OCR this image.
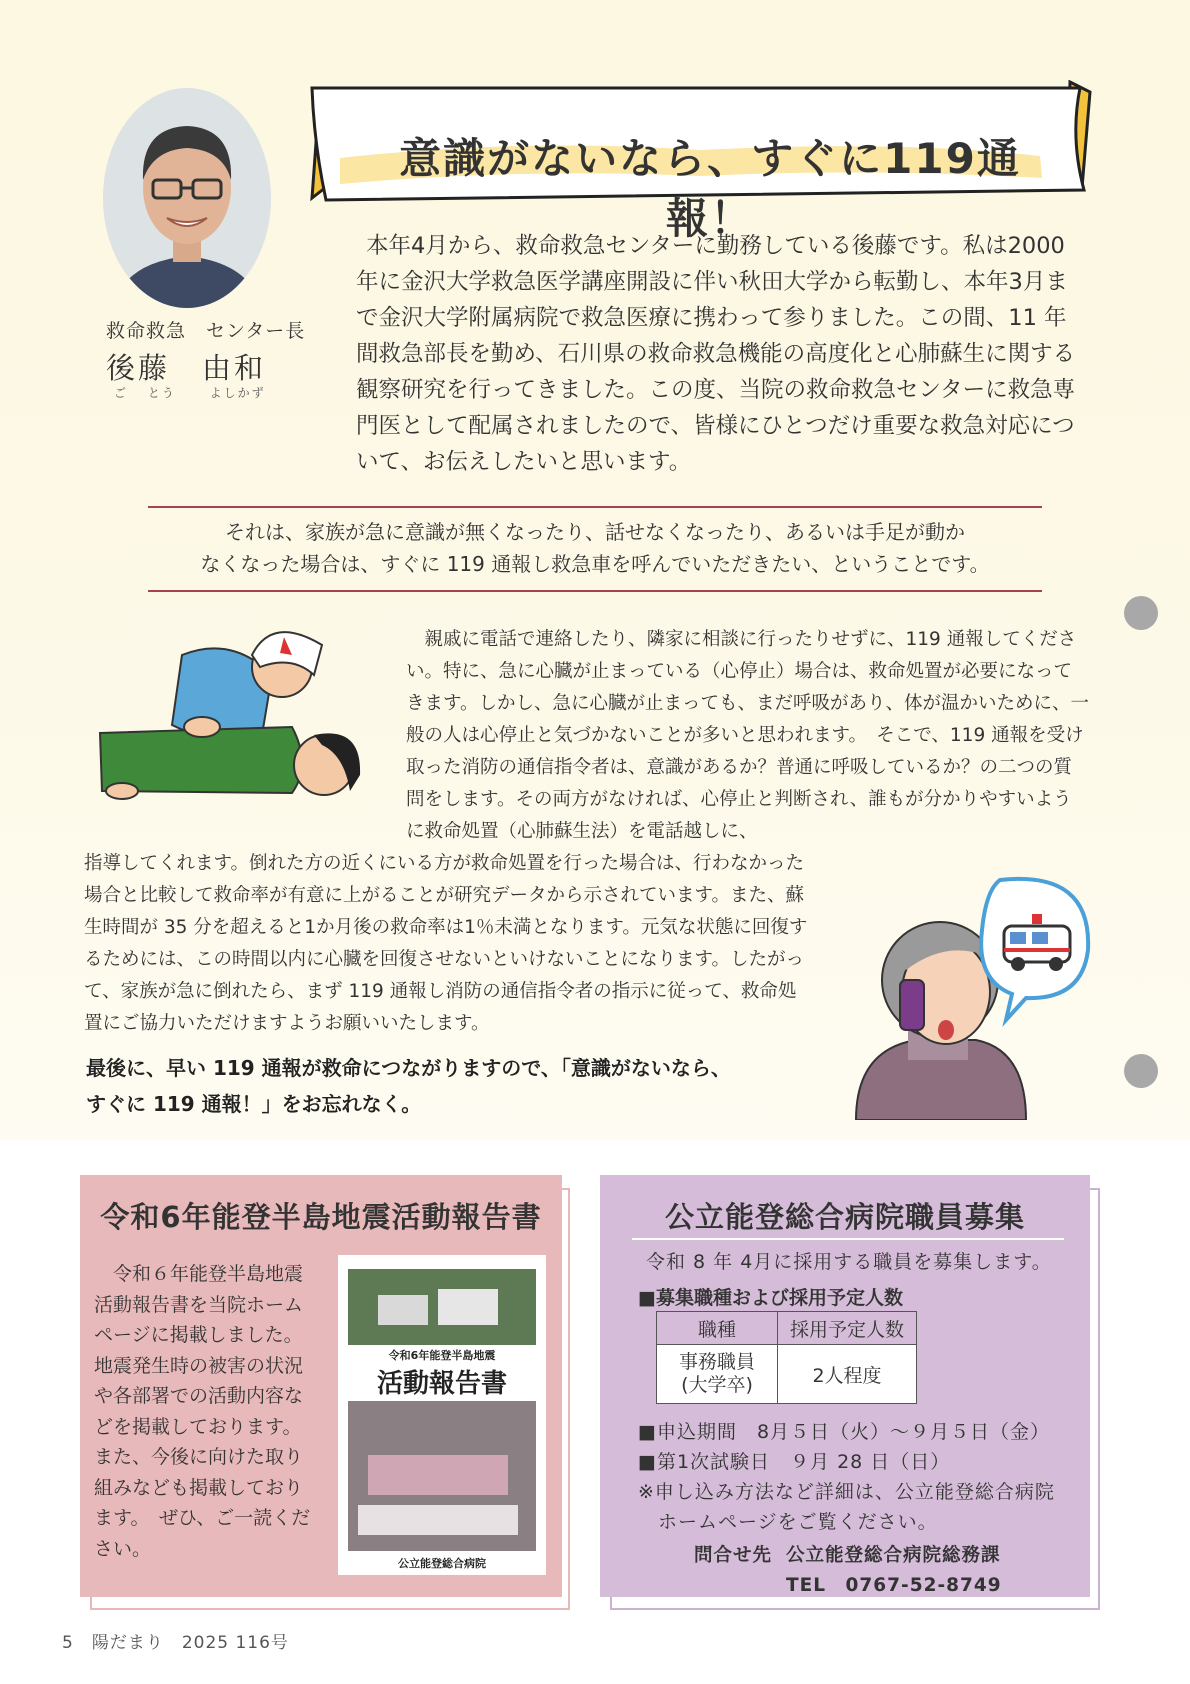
救命救急　センター長
後藤　由和
ご とう　 よしかず
意識がないなら、すぐに119通報！
本年4月から、救命救急センターに勤務している後藤です。私は2000 年に金沢大学救急医学講座開設に伴い秋田大学から転勤し、本年3月まで金沢大学附属病院で救急医療に携わって参りました。この間、11 年間救急部長を勤め、石川県の救命救急機能の高度化と心肺蘇生に関する観察研究を行ってきました。この度、当院の救命救急センターに救急専門医として配属されましたので、皆様にひとつだけ重要な救急対応について、お伝えしたいと思います。
それは、家族が急に意識が無くなったり、話せなくなったり、あるいは手足が動か
なくなった場合は、すぐに 119 通報し救急車を呼んでいただきたい、ということです。
　親戚に電話で連絡したり、隣家に相談に行ったりせずに、119 通報してください。特に、急に心臓が止まっている（心停止）場合は、救命処置が必要になってきます。しかし、急に心臓が止まっても、まだ呼吸があり、体が温かいために、一般の人は心停止と気づかないことが多いと思われます。　そこで、119 通報を受け取った消防の通信指令者は、意識があるか？普通に呼吸しているか？の二つの質問をします。その両方がなければ、心停止と判断され、誰もが分かりやすいように救命処置（心肺蘇生法）を電話越しに、
指導してくれます。倒れた方の近くにいる方が救命処置を行った場合は、行わなかった場合と比較して救命率が有意に上がることが研究データから示されています。また、蘇生時間が 35 分を超えると1か月後の救命率は1％未満となります。元気な状態に回復するためには、この時間以内に心臓を回復させないといけないことになります。したがって、家族が急に倒れたら、まず 119 通報し消防の通信指令者の指示に従って、救命処置にご協力いただけますようお願いいたします。
最後に、早い 119 通報が救命につながりますので、「意識がないなら、
すぐに 119 通報！」をお忘れなく。
令和6年能登半島地震活動報告書
　令和６年能登半島地震活動報告書を当院ホームページに掲載しました。地震発生時の被害の状況や各部署での活動内容などを掲載しております。また、今後に向けた取り組みなども掲載しております。　ぜひ、ご一読ください。
令和6年能登半島地震
活動報告書
公立能登総合病院
公立能登総合病院職員募集
令和 8 年 4月に採用する職員を募集します。
■募集職種および採用予定人数
職種	採用予定人数

事務職員
(大学卒)	2人程度
■申込期間　8月５日（火）～９月５日（金）
■第1次試験日　９月 28 日（日）
※申し込み方法など詳細は、公立能登総合病院
　ホームページをご覧ください。
問合せ先 公立能登総合病院総務課
TEL　0767-52-8749
5　陽だまり　2025 116号
